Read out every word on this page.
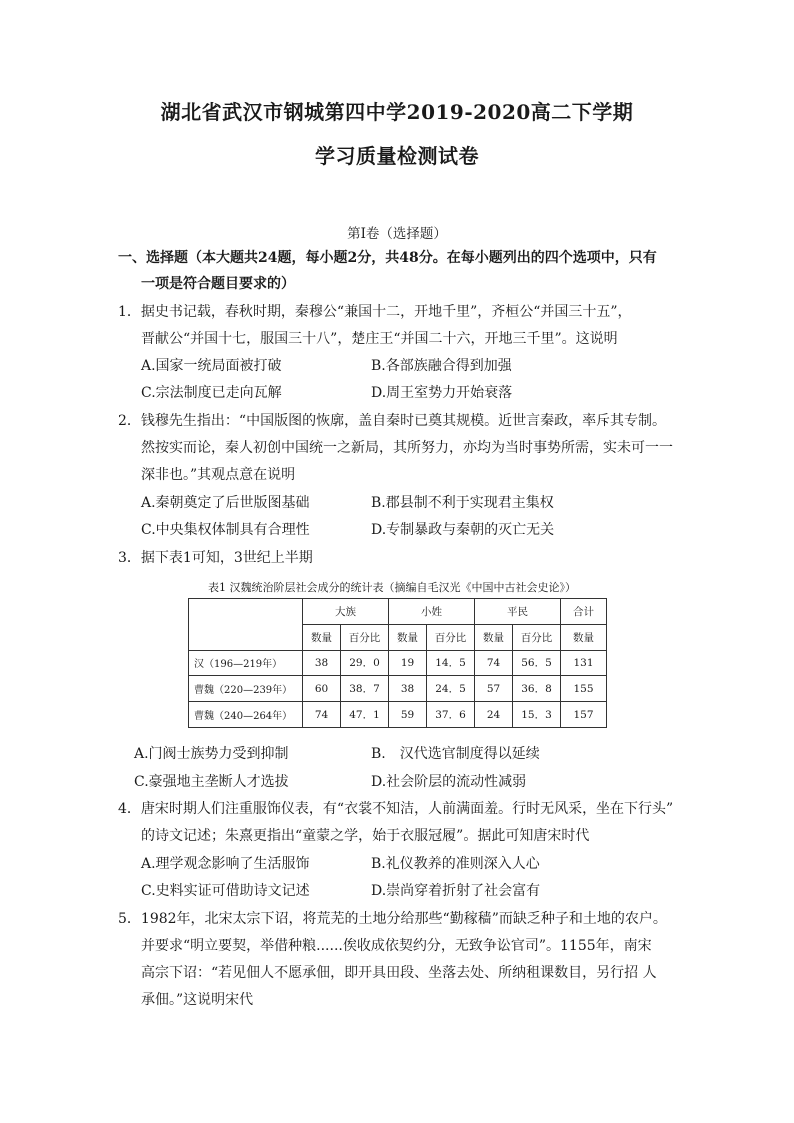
湖北省武汉市钢城第四中学2019-2020高二下学期
学习质量检测试卷
第Ⅰ卷（选择题）
一、选择题（本大题共24题，每小题2分，共48分。在每小题列出的四个选项中，只有
一项是符合题目要求的）
1．据史书记载，春秋时期，秦穆公“兼国十二，开地千里”，齐桓公“并国三十五”，
晋献公“并国十七，服国三十八”，楚庄王“并国二十六，开地三千里”。这说明
A.国家一统局面被打破	B.各部族融合得到加强
C.宗法制度已走向瓦解	D.周王室势力开始衰落
2．钱穆先生指出：“中国版图的恢廓，盖自秦时已奠其规模。近世言秦政，率斥其专制。
然按实而论，秦人初创中国统一之新局，其所努力，亦均为当时事势所需，实未可一一
深非也。”其观点意在说明
A.秦朝奠定了后世版图基础	B.郡县制不利于实现君主集权
C.中央集权体制具有合理性	D.专制暴政与秦朝的灭亡无关
3．据下表1可知，3世纪上半期
表1 汉魏统治阶层社会成分的统计表（摘编自毛汉光《中国中古社会史论》）
	大族		小姓		平民		合计
	数量	百分比	数量	百分比	数量	百分比	数量
汉（196—219年）	38	29．0	19	14．5	74	56．5	131
曹魏（220—239年）	60	38．7	38	24．5	57	36．8	155
曹魏（240—264年）	74	47．1	59	37．6	24	15．3	157
A.门阀士族势力受到抑制	B.　汉代选官制度得以延续
C.豪强地主垄断人才选拔	D.社会阶层的流动性减弱
4．唐宋时期人们注重服饰仪表，有“衣裳不知洁，人前满面羞。行时无风采，坐在下行头”
的诗文记述；朱熹更指出“童蒙之学，始于衣服冠履”。据此可知唐宋时代
A.理学观念影响了生活服饰	B.礼仪教养的准则深入人心
C.史料实证可借助诗文记述	D.崇尚穿着折射了社会富有
5．1982年，北宋太宗下诏，将荒芜的土地分给那些“勤稼穑”而缺乏种子和土地的农户。
并要求“明立要契，举借种粮......俟收成依契约分，无致争讼官司”。1155年，南宋
高宗下诏：“若见佃人不愿承佃，即开具田段、坐落去处、所纳租课数目，另行招 人
承佃。”这说明宋代
